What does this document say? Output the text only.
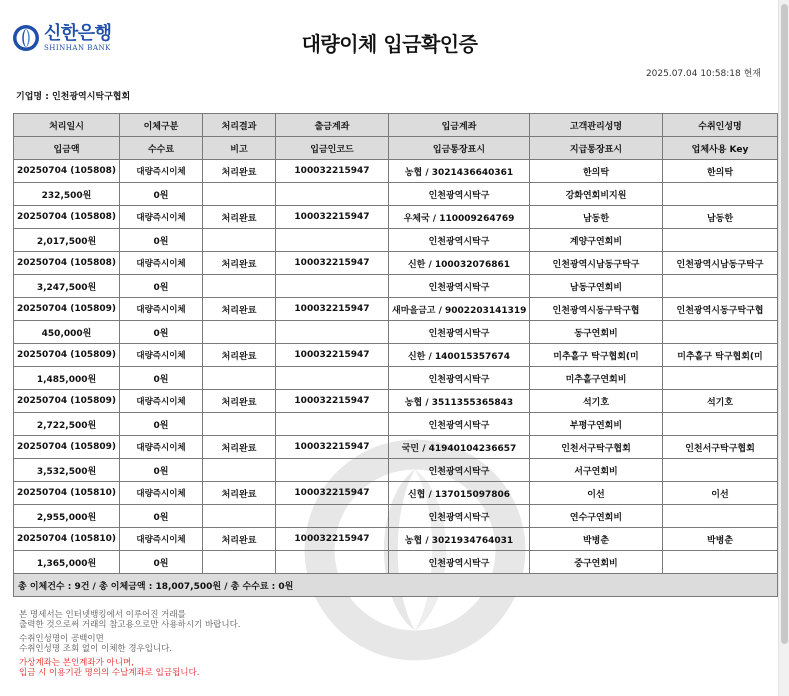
신한은행
SHINHAN BANK	대량이체 입금확인증
2025.07.04 10:58:18 현재
기업명 : 인천광역시탁구협회
처리일시	이체구분	처리결과	출금계좌	입금계좌	고객관리성명	수취인성명
입금액	수수료	비고	입금인코드	입금통장표시	지급통장표시	업체사용 Key
20250704 (105808)	대량즉시이체	처리완료	100032215947	농협 / 3021436640361	한의탁	한의탁
232,500원	0원			인천광역시탁구	강화연회비지원	
20250704 (105808)	대량즉시이체	처리완료	100032215947	우체국 / 110009264769	남동한	남동한
2,017,500원	0원			인천광역시탁구	계양구연회비	
20250704 (105808)	대량즉시이체	처리완료	100032215947	신한 / 100032076861	인천광역시남동구탁구	인천광역시남동구탁구
3,247,500원	0원			인천광역시탁구	남동구연회비	
20250704 (105809)	대량즉시이체	처리완료	100032215947	새마을금고 / 9002203141319	인천광역시동구탁구협	인천광역시동구탁구협
450,000원	0원			인천광역시탁구	동구연회비	
20250704 (105809)	대량즉시이체	처리완료	100032215947	신한 / 140015357674	미추홀구 탁구협회(미	미추홀구 탁구협회(미
1,485,000원	0원			인천광역시탁구	미추홀구연회비	
20250704 (105809)	대량즉시이체	처리완료	100032215947	농협 / 3511355365843	석기호	석기호
2,722,500원	0원			인천광역시탁구	부평구연회비	
20250704 (105809)	대량즉시이체	처리완료	100032215947	국민 / 41940104236657	인천서구탁구협회	인천서구탁구협회
3,532,500원	0원			인천광역시탁구	서구연회비	
20250704 (105810)	대량즉시이체	처리완료	100032215947	신협 / 137015097806	이선	이선
2,955,000원	0원			인천광역시탁구	연수구연회비	
20250704 (105810)	대량즉시이체	처리완료	100032215947	농협 / 3021934764031	박병춘	박병춘
1,365,000원	0원			인천광역시탁구	중구연회비	
총 이체건수 : 9건 / 총 이체금액 : 18,007,500원 / 총 수수료 : 0원						
본 명세서는 인터넷뱅킹에서 이루어진 거래를
출력한 것으로써 거래의 참고용으로만 사용하시기 바랍니다.
수취인성명이 공백이면
수취인성명 조회 없이 이체한 경우입니다.
가상계좌는 본인계좌가 아니며,
입금 시 이용기관 명의의 수납계좌로 입금됩니다.
